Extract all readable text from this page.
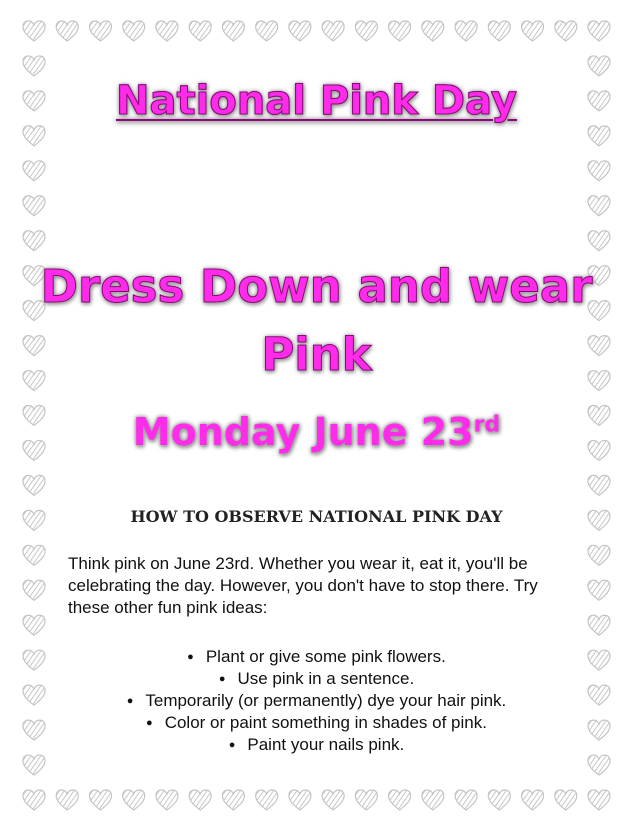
National Pink Day
Dress Down and wear Pink
Monday June 23rd
HOW TO OBSERVE NATIONAL PINK DAY

Think pink on June 23rd. Whether you wear it, eat it, you'll be celebrating the day. However, you don't have to stop there. Try these other fun pink ideas:

● Plant or give some pink flowers.
● Use pink in a sentence.
● Temporarily (or permanently) dye your hair pink.
● Color or paint something in shades of pink.
● Paint your nails pink.
